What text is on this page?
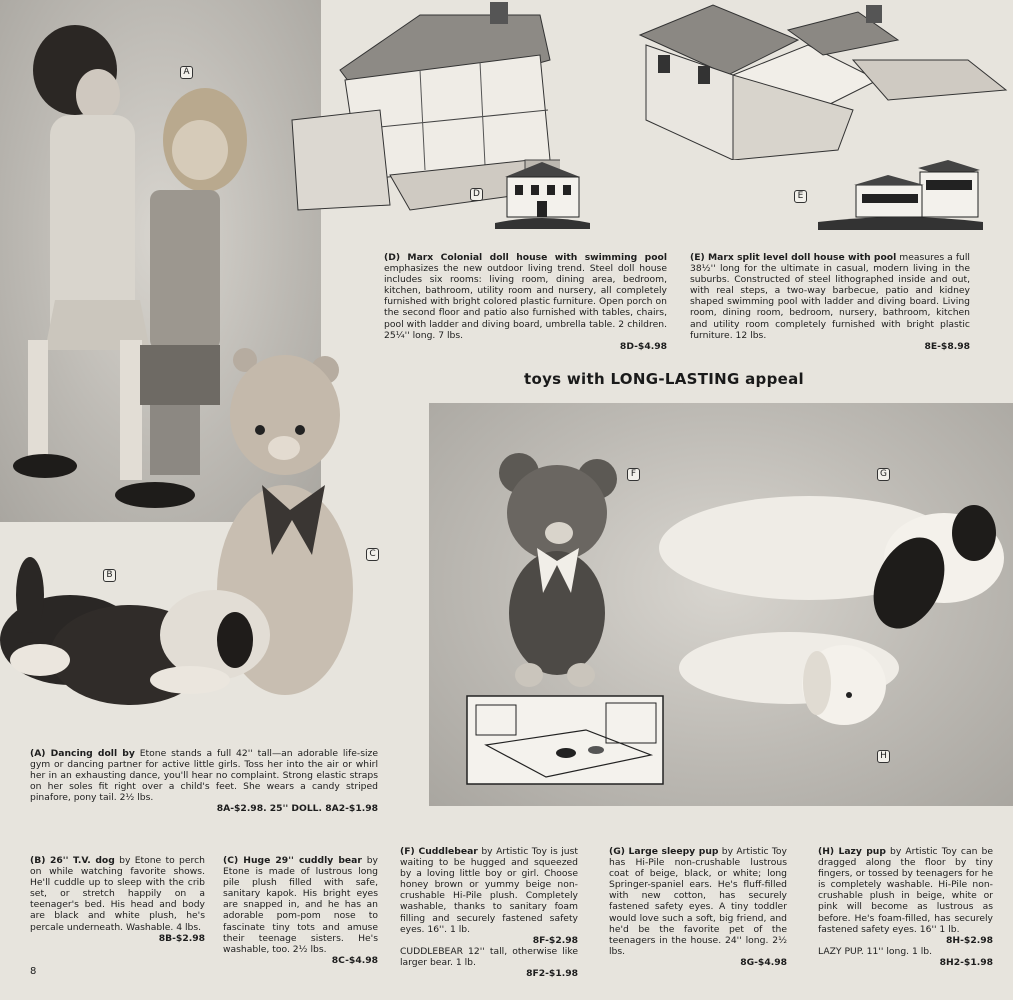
A
B
C
D	E
(D) Marx Colonial doll house with swimming pool emphasizes the new outdoor living trend. Steel doll house includes six rooms: living room, dining area, bedroom, kitchen, bathroom, utility room and nursery, all completely furnished with bright colored plastic furniture. Open porch on the second floor and patio also furnished with tables, chairs, pool with ladder and diving board, umbrella table. 2 children. 25¼'' long. 7 lbs.
8D-$4.98
(E) Marx split level doll house with pool measures a full 38½'' long for the ultimate in casual, modern living in the suburbs. Constructed of steel lithographed inside and out, with real steps, a two-way barbecue, patio and kidney shaped swimming pool with ladder and diving board. Living room, dining room, bedroom, nursery, bathroom, kitchen and utility room completely furnished with bright plastic furniture. 12 lbs.
8E-$8.98
toys with LONG-LASTING appeal
F	G
H
(A) Dancing doll by Etone stands a full 42'' tall—an adorable life-size gym or dancing partner for active little girls. Toss her into the air or whirl her in an exhausting dance, you'll hear no complaint. Strong elastic straps on her soles fit right over a child's feet. She wears a candy striped pinafore, pony tail. 2½ lbs.
8A-$2.98. 25'' DOLL. 8A2-$1.98
(B) 26'' T.V. dog by Etone to perch on while watching favorite shows. He'll cuddle up to sleep with the crib set, or stretch happily on a teenager's bed. His head and body are black and white plush, he's percale underneath. Washable. 4 lbs.
8B-$2.98
(C) Huge 29'' cuddly bear by Etone is made of lustrous long pile plush filled with safe, sanitary kapok. His bright eyes are snapped in, and he has an adorable pom-pom nose to fascinate tiny tots and amuse their teenage sisters. He's washable, too. 2½ lbs.
8C-$4.98
(F) Cuddlebear by Artistic Toy is just waiting to be hugged and squeezed by a loving little boy or girl. Choose honey brown or yummy beige non-crushable Hi-Pile plush. Completely washable, thanks to sanitary foam filling and securely fastened safety eyes. 16''. 1 lb.
8F-$2.98
CUDDLEBEAR 12'' tall, otherwise like larger bear. 1 lb.
8F2-$1.98
(G) Large sleepy pup by Artistic Toy has Hi-Pile non-crushable lustrous coat of beige, black, or white; long Springer-spaniel ears. He's fluff-filled with new cotton, has securely fastened safety eyes. A tiny toddler would love such a soft, big friend, and he'd be the favorite pet of the teenagers in the house. 24'' long. 2½ lbs.
8G-$4.98
(H) Lazy pup by Artistic Toy can be dragged along the floor by tiny fingers, or tossed by teenagers for he is completely washable. Hi-Pile non-crushable plush in beige, white or pink will become as lustrous as before. He's foam-filled, has securely fastened safety eyes. 16'' 1 lb.
8H-$2.98
LAZY PUP. 11'' long. 1 lb.
8H2-$1.98
8
